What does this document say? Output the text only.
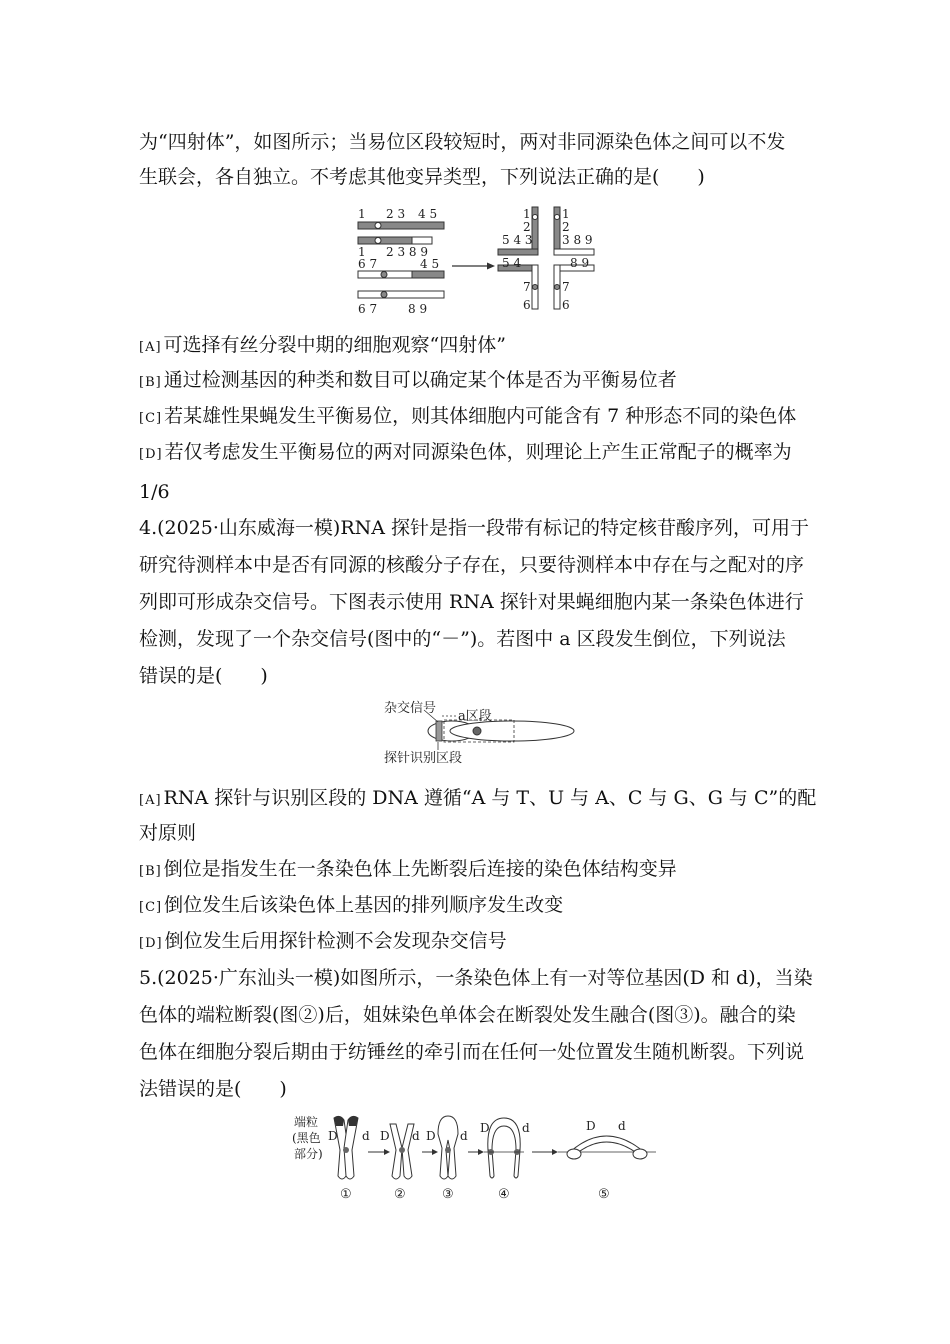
为“四射体”，如图所示；当易位区段较短时，两对非同源染色体之间可以不发
生联会，各自独立。不考虑其他变异类型，下列说法正确的是(　　)
1 2 3 4 5
1 2 3 8 9
6 7	4 5
6 7	8 9
1	1
2	2
5 4 3 3 8 9
5 4	8 9
7	7
6	6
[A] 可选择有丝分裂中期的细胞观察“四射体”
[B] 通过检测基因的种类和数目可以确定某个体是否为平衡易位者
[C] 若某雄性果蝇发生平衡易位，则其体细胞内可能含有 7 种形态不同的染色体
[D] 若仅考虑发生平衡易位的两对同源染色体，则理论上产生正常配子的概率为
1/6
4.(2025·山东威海一模)RNA 探针是指一段带有标记的特定核苷酸序列，可用于
研究待测样本中是否有同源的核酸分子存在，只要待测样本中存在与之配对的序
列即可形成杂交信号。下图表示使用 RNA 探针对果蝇细胞内某一条染色体进行
检测，发现了一个杂交信号(图中的“－”)。若图中 a 区段发生倒位，下列说法
错误的是(　　)
杂交信号
a区段
探针识别区段
[A] RNA 探针与识别区段的 DNA 遵循“A 与 T、U 与 A、C 与 G、G 与 C”的配
对原则
[B] 倒位是指发生在一条染色体上先断裂后连接的染色体结构变异
[C] 倒位发生后该染色体上基因的排列顺序发生改变
[D] 倒位发生后用探针检测不会发现杂交信号
5.(2025·广东汕头一模)如图所示，一条染色体上有一对等位基因(D 和 d)，当染
色体的端粒断裂(图②)后，姐妹染色单体会在断裂处发生融合(图③)。融合的染
色体在细胞分裂后期由于纺锤丝的牵引而在任何一处位置发生随机断裂。下列说
法错误的是(　　)
端粒
(黑色
部分)
D d
①
D d
②
D d
③
D	d
④
D d
⑤
